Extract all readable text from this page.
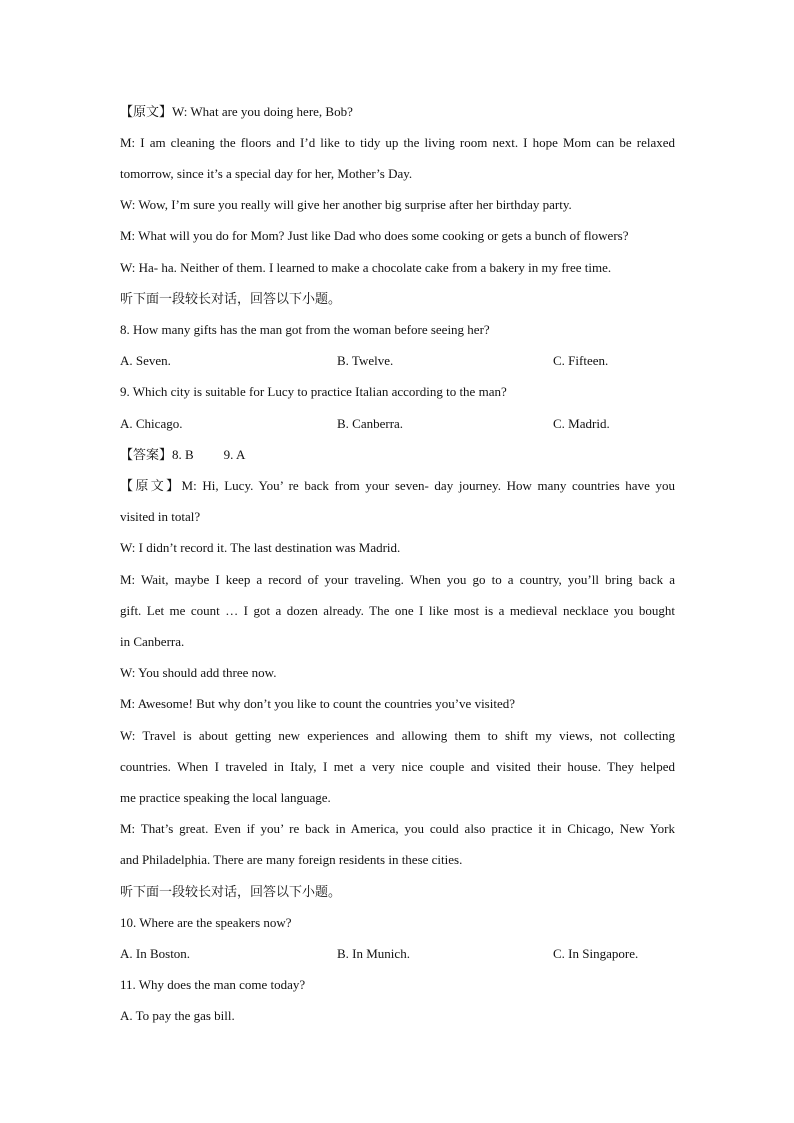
【原文】W: What are you doing here, Bob?
M: I am cleaning the floors and I’d like to tidy up the living room next. I hope Mom can be relaxed
tomorrow, since it’s a special day for her, Mother’s Day.
W: Wow, I’m sure you really will give her another big surprise after her birthday party.
M: What will you do for Mom? Just like Dad who does some cooking or gets a bunch of flowers?
W: Ha- ha. Neither of them. I learned to make a chocolate cake from a bakery in my free time.
听下面一段较长对话，回答以下小题。
8. How many gifts has the man got from the woman before seeing her?
A. Seven.	B. Twelve.	C. Fifteen.
9. Which city is suitable for Lucy to practice Italian according to the man?
A. Chicago.	B. Canberra.	C. Madrid.
【答案】8. B 9. A
【原文】M: Hi, Lucy. You’ re back from your seven- day journey. How many countries have you
visited in total?
W: I didn’t record it. The last destination was Madrid.
M: Wait, maybe I keep a record of your traveling. When you go to a country, you’ll bring back a
gift. Let me count … I got a dozen already. The one I like most is a medieval necklace you bought
in Canberra.
W: You should add three now.
M: Awesome! But why don’t you like to count the countries you’ve visited?
W: Travel is about getting new experiences and allowing them to shift my views, not collecting
countries. When I traveled in Italy, I met a very nice couple and visited their house. They helped
me practice speaking the local language.
M: That’s great. Even if you’ re back in America, you could also practice it in Chicago, New York
and Philadelphia. There are many foreign residents in these cities.
听下面一段较长对话，回答以下小题。
10. Where are the speakers now?
A. In Boston.	B. In Munich.	C. In Singapore.
11. Why does the man come today?
A. To pay the gas bill.
